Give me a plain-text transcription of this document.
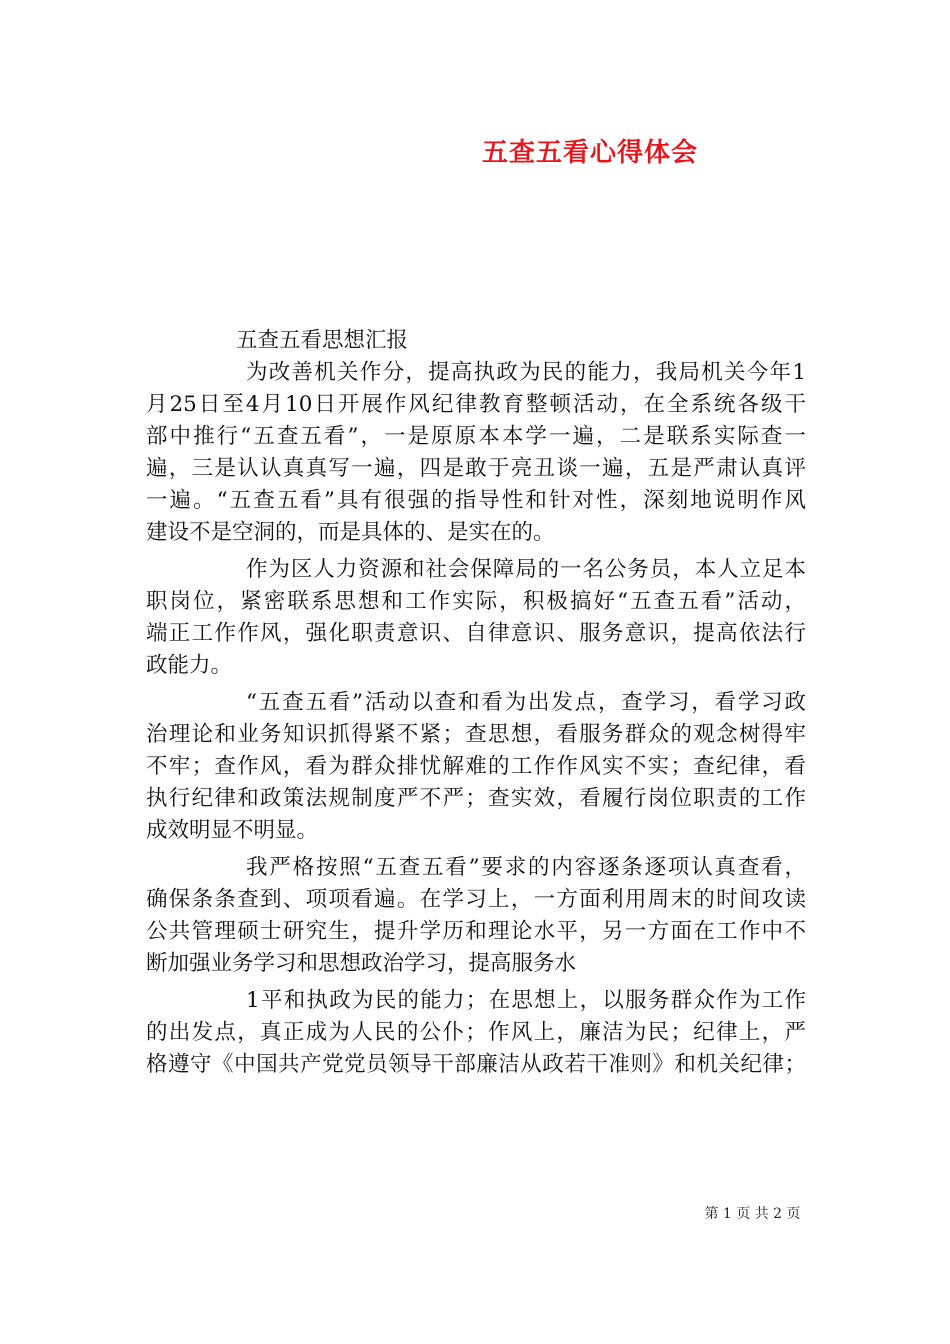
五查五看心得体会
五查五看思想汇报
为改善机关作分，提高执政为民的能力，我局机关今年1
月25日至4月10日开展作风纪律教育整顿活动，在全系统各级干
部中推行“五查五看”，一是原原本本学一遍，二是联系实际查一
遍，三是认认真真写一遍，四是敢于亮丑谈一遍，五是严肃认真评
一遍。“五查五看”具有很强的指导性和针对性，深刻地说明作风
建设不是空洞的，而是具体的、是实在的。
作为区人力资源和社会保障局的一名公务员，本人立足本
职岗位，紧密联系思想和工作实际，积极搞好“五查五看”活动，
端正工作作风，强化职责意识、自律意识、服务意识，提高依法行
政能力。
“五查五看”活动以查和看为出发点，查学习，看学习政
治理论和业务知识抓得紧不紧；查思想，看服务群众的观念树得牢
不牢；查作风，看为群众排忧解难的工作作风实不实；查纪律，看
执行纪律和政策法规制度严不严；查实效，看履行岗位职责的工作
成效明显不明显。
我严格按照“五查五看”要求的内容逐条逐项认真查看，
确保条条查到、项项看遍。在学习上，一方面利用周末的时间攻读
公共管理硕士研究生，提升学历和理论水平，另一方面在工作中不
断加强业务学习和思想政治学习，提高服务水
1平和执政为民的能力；在思想上，以服务群众作为工作
的出发点，真正成为人民的公仆；作风上，廉洁为民；纪律上，严
格遵守《中国共产党党员领导干部廉洁从政若干准则》和机关纪律；
第 1 页 共 2 页
